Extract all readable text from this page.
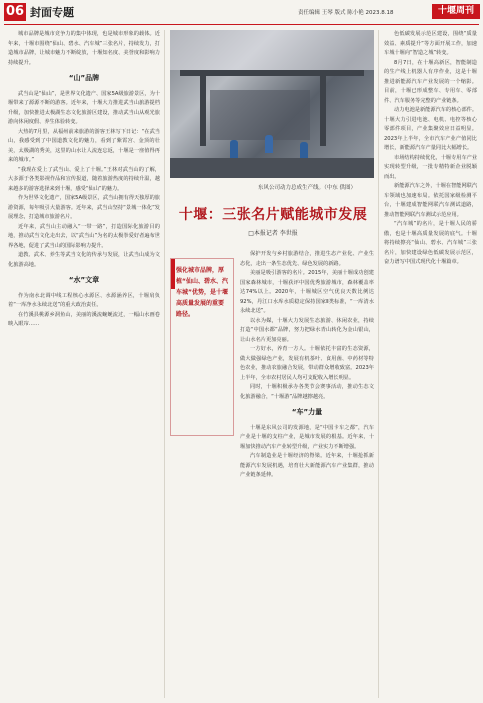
06 封面专题	责任编辑 王琴 版式 陈小艳 2023.8.18	十堰周刊

城市品牌是城市竞争力的集中体现，也是城市形象的载体。近年来，十堰市围绕“仙山、碧水、汽车城”三张名片，持续发力，打造城市品牌，让城市魅力不断绽放，十堰知名度、美誉度和影响力持续提升。

“山”品牌

武当山是“仙山”，是世界文化遗产、国家5A级旅游景区，为十堰带来了源源不断的游客。近年来，十堰大力推进武当山旅游提档升级，加快推进太极湖生态文化旅游区建设，推动武当山从观光旅游向休闲度假、养生体验转变。

大热的7月里，从福州前来旅游的游客王林写下日记：“在武当山，我感受到了中国道教文化的魅力，看到了紫霄宫、金顶的壮美，太极湖的秀美，这里的山水让人流连忘返，十堰是一座值得再来的城市。”

“我现在爱上了武当山、爱上了十堰。”王林对武当山的了解，大多源于各类影视作品和宣传报道，随着旅游热度的持续升温，越来越多的游客选择来到十堰，感受“仙山”的魅力。

作为世界文化遗产，国家5A级景区，武当山拥有得天独厚的旅游资源，每年吸引大量游客。近年来，武当山坚持“景城一体化”发展理念，打造城市旅游名片。

近年来，武当山主动融入“一带一路”，打造国际化旅游目的地，推动武当文化走出去，以“武当山”为名的太极拳爱好者遍布世界各地，促进了武当山的国际影响力提升。

道教、武术、养生等武当文化的传承与发展，让武当山成为文化旅游高地。

“水”文章

作为南水北调中线工程核心水源区、水源涵养区，十堰肩负着“一库净水永续北送”的重大政治责任。

在竹溪县桃源乡洞鱼山，美丽的溪流蜿蜒流过，一幅山水画卷映入眼帘……

东风公司动力总成生产线。（中东 供图）
十堰：三张名片赋能城市发展
□本报记者 李世报
强化城市品牌，厚植“仙山、碧水、汽车城”优势，是十堰高质量发展的重要路径。

保护开发与乡村旅游结合，推进生态产业化、产业生态化，走出一条生态优先、绿色发展的新路。

美丽是吸引游客的名片。2015年，美丽十堰成功创建国家森林城市，十堰获评中国优秀旅游城市，森林覆盖率达74%以上。2020年，十堰城区空气优良天数比例达92%，丹江口水库水质稳定保持国家Ⅱ类标准，“一库清水永续北送”。

以水为媒，十堰大力发展生态旅游、休闲农业，持续打造“中国水都”品牌，努力把绿水青山转化为金山银山，让山水名片更加亮丽。

一方好水，养育一方人。十堰依托丰富的生态资源，做大做强绿色产业，发展有机茶叶、食用菌、中药材等特色农业，推动农旅融合发展，带动群众增收致富。2023年上半年，全市农村居民人均可支配收入增长明显。

同时，十堰积极承办各类节会赛事活动，推动生态文化旅游融合，“十堰游”品牌越擦越亮。

“车”力量

十堰是东风公司的发源地，是“中国卡车之都”，汽车产业是十堰的支柱产业，是城市发展的根基。近年来，十堰加快推动汽车产业转型升级，产业实力不断增强。

汽车制造业是十堰经济的脊梁。近年来，十堰抢抓新能源汽车发展机遇，培育壮大新能源汽车产业集群，推动产业链条延伸。

色低碳发展示范区建设，围绕“质量效益、素质提升”等方面开展工作，加速车城十堰向“智造之城”转变。

8月7日，在十堰高新区，智能制造的生产线上机器人有序作业，这是十堰推进新能源汽车产业发展的一个缩影。目前，十堰已形成整车、专用车、零部件、汽车服务等完整的产业链条。

动力电池是新能源汽车的核心部件。十堰大力引进电池、电机、电控等核心零部件项目，产业集聚效应日益明显。2023年上半年，全市汽车产业产值同比增长，新能源汽车产量同比大幅增长。

市场结构持续优化，十堰专用车产业实现转型升级，一批专精特新企业脱颖而出。

新能源汽车之外，十堰在智能网联汽车领域也加速布局。依托国家级检测平台，十堰建成智能网联汽车测试道路，推动智能网联汽车测试示范应用。

“汽车城”的名片，是十堰人民的骄傲，也是十堰高质量发展的底气。十堰将持续擦亮“仙山、碧水、汽车城”三张名片，加快建设绿色低碳发展示范区，奋力谱写中国式现代化十堰篇章。
